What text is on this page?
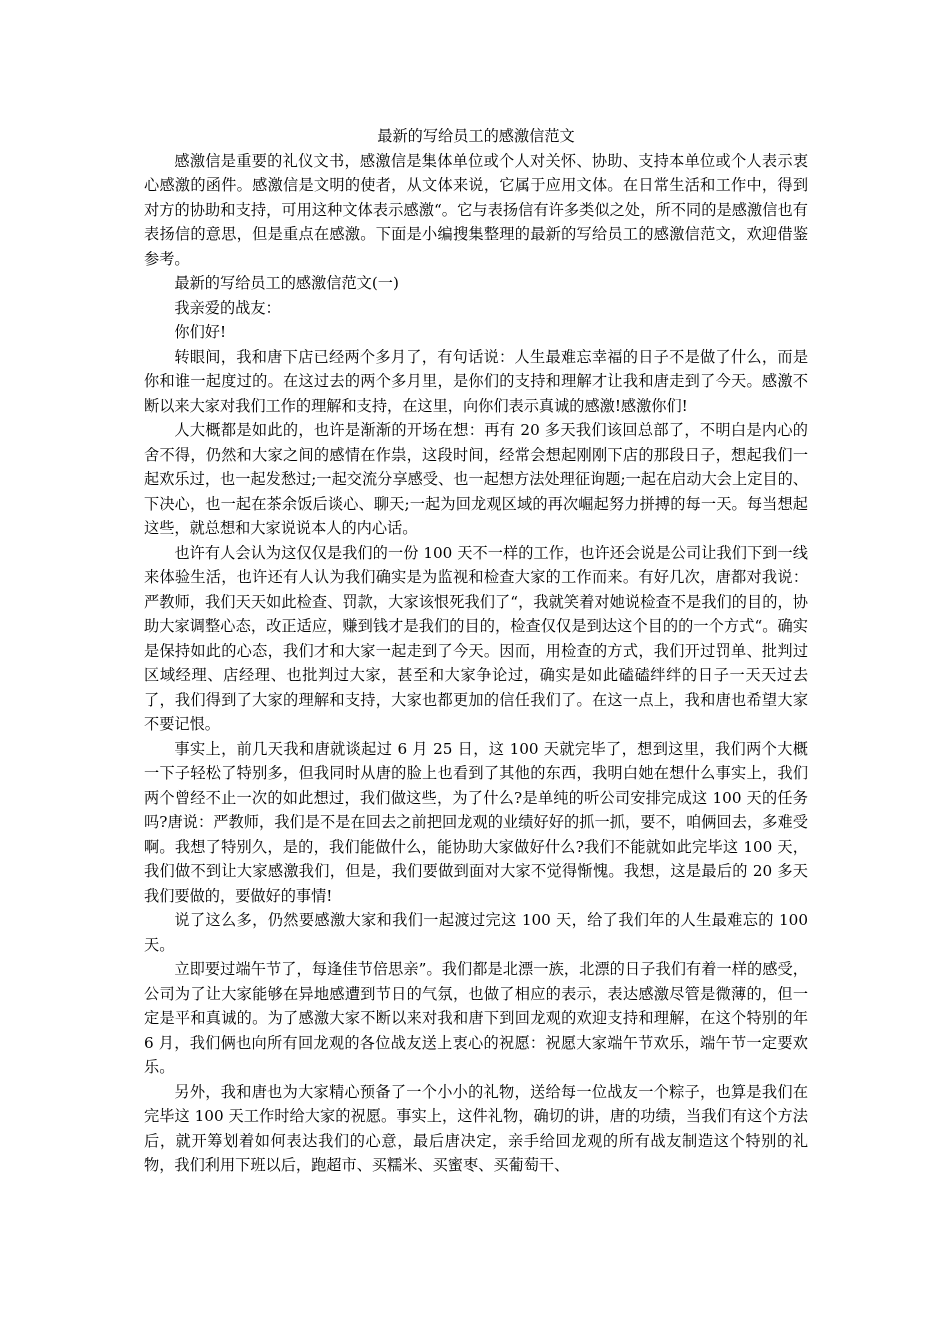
最新的写给员工的感激信范文

感激信是重要的礼仪文书，感激信是集体单位或个人对关怀、协助、支持本单位或个人表示衷心感激的函件。感激信是文明的使者，从文体来说，它属于应用文体。在日常生活和工作中，得到对方的协助和支持，可用这种文体表示感激“。它与表扬信有许多类似之处，所不同的是感激信也有表扬信的意思，但是重点在感激。下面是小编搜集整理的最新的写给员工的感激信范文，欢迎借鉴参考。

最新的写给员工的感激信范文(一)

我亲爱的战友：

你们好!

转眼间，我和唐下店已经两个多月了，有句话说：人生最难忘幸福的日子不是做了什么，而是你和谁一起度过的。在这过去的两个多月里，是你们的支持和理解才让我和唐走到了今天。感激不断以来大家对我们工作的理解和支持，在这里，向你们表示真诚的感激!感激你们!

人大概都是如此的，也许是渐渐的开场在想：再有 20 多天我们该回总部了，不明白是内心的舍不得，仍然和大家之间的感情在作祟，这段时间，经常会想起刚刚下店的那段日子，想起我们一起欢乐过，也一起发愁过;一起交流分享感受、也一起想方法处理征询题;一起在启动大会上定目的、下决心，也一起在茶余饭后谈心、聊天;一起为回龙观区域的再次崛起努力拼搏的每一天。每当想起这些，就总想和大家说说本人的内心话。

也许有人会认为这仅仅是我们的一份 100 天不一样的工作，也许还会说是公司让我们下到一线来体验生活，也许还有人认为我们确实是为监视和检查大家的工作而来。有好几次，唐都对我说：严教师，我们天天如此检查、罚款，大家该恨死我们了“，我就笑着对她说检查不是我们的目的，协助大家调整心态，改正适应，赚到钱才是我们的目的，检查仅仅是到达这个目的的一个方式“。确实是保持如此的心态，我们才和大家一起走到了今天。因而，用检查的方式，我们开过罚单、批判过区域经理、店经理、也批判过大家，甚至和大家争论过，确实是如此磕磕绊绊的日子一天天过去了，我们得到了大家的理解和支持，大家也都更加的信任我们了。在这一点上，我和唐也希望大家不要记恨。

事实上，前几天我和唐就谈起过 6 月 25 日，这 100 天就完毕了，想到这里，我们两个大概一下子轻松了特别多，但我同时从唐的脸上也看到了其他的东西，我明白她在想什么事实上，我们两个曾经不止一次的如此想过，我们做这些，为了什么?是单纯的听公司安排完成这 100 天的任务吗?唐说：严教师，我们是不是在回去之前把回龙观的业绩好好的抓一抓，要不，咱俩回去，多难受啊。我想了特别久，是的，我们能做什么，能协助大家做好什么?我们不能就如此完毕这 100 天，我们做不到让大家感激我们，但是，我们要做到面对大家不觉得惭愧。我想，这是最后的 20 多天我们要做的，要做好的事情!

说了这么多，仍然要感激大家和我们一起渡过完这 100 天，给了我们年的人生最难忘的 100 天。

立即要过端午节了，每逢佳节倍思亲”。我们都是北漂一族，北漂的日子我们有着一样的感受，公司为了让大家能够在异地感遭到节日的气氛，也做了相应的表示，表达感激尽管是微薄的，但一定是平和真诚的。为了感激大家不断以来对我和唐下到回龙观的欢迎支持和理解，在这个特别的年 6 月，我们俩也向所有回龙观的各位战友送上衷心的祝愿：祝愿大家端午节欢乐，端午节一定要欢乐。

另外，我和唐也为大家精心预备了一个小小的礼物，送给每一位战友一个粽子，也算是我们在完毕这 100 天工作时给大家的祝愿。事实上，这件礼物，确切的讲，唐的功绩，当我们有这个方法后，就开筹划着如何表达我们的心意，最后唐决定，亲手给回龙观的所有战友制造这个特别的礼物，我们利用下班以后，跑超市、买糯米、买蜜枣、买葡萄干、
